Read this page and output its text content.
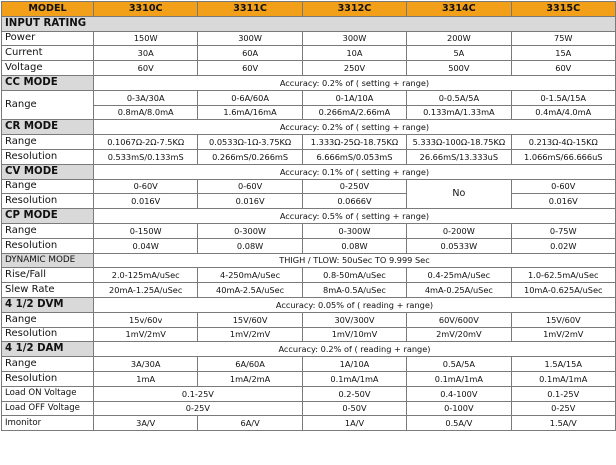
MODEL	3310C	3311C	3312C	3314C	3315C
INPUT RATING					
Power	150W	300W	300W	200W	75W
Current	30A	60A	10A	5A	15A
Voltage	60V	60V	250V	500V	60V
CC MODE	Accuracy: 0.2% of ( setting + range)				
Range	0-3A/30A	0-6A/60A	0-1A/10A	0-0.5A/5A	0-1.5A/15A
	0.8mA/8.0mA	1.6mA/16mA	0.266mA/2.66mA	0.133mA/1.33mA	0.4mA/4.0mA
CR MODE	Accuracy: 0.2% of ( setting + range)				
Range	0.1067Ω-2Ω-7.5KΩ	0.0533Ω-1Ω-3.75KΩ	1.333Ω-25Ω-18.75KΩ	5.333Ω-100Ω-18.75KΩ	0.213Ω-4Ω-15KΩ
Resolution	0.533mS/0.133mS	0.266mS/0.266mS	6.666mS/0.053mS	26.66mS/13.333uS	1.066mS/66.666uS
CV MODE	Accuracy: 0.1% of ( setting + range)				
Range	0-60V	0-60V	0-250V	No	0-60V
Resolution	0.016V	0.016V	0.0666V		0.016V
CP MODE	Accuracy: 0.5% of ( setting + range)				
Range	0-150W	0-300W	0-300W	0-200W	0-75W
Resolution	0.04W	0.08W	0.08W	0.0533W	0.02W
DYNAMIC MODE	THIGH / TLOW: 50uSec TO 9.999 Sec				
Rise/Fall	2.0-125mA/uSec	4-250mA/uSec	0.8-50mA/uSec	0.4-25mA/uSec	1.0-62.5mA/uSec
Slew Rate	20mA-1.25A/uSec	40mA-2.5A/uSec	8mA-0.5A/uSec	4mA-0.25A/uSec	10mA-0.625A/uSec
4 1/2 DVM	Accuracy: 0.05% of ( reading + range)				
Range	15v/60v	15V/60V	30V/300V	60V/600V	15V/60V
Resolution	1mV/2mV	1mV/2mV	1mV/10mV	2mV/20mV	1mV/2mV
4 1/2 DAM	Accuracy: 0.2% of ( reading + range)				
Range	3A/30A	6A/60A	1A/10A	0.5A/5A	1.5A/15A
Resolution	1mA	1mA/2mA	0.1mA/1mA	0.1mA/1mA	0.1mA/1mA
Load ON Voltage	0.1-25V		0.2-50V	0.4-100V	0.1-25V
Load OFF Voltage	0-25V		0-50V	0-100V	0-25V
Imonitor	3A/V	6A/V	1A/V	0.5A/V	1.5A/V
